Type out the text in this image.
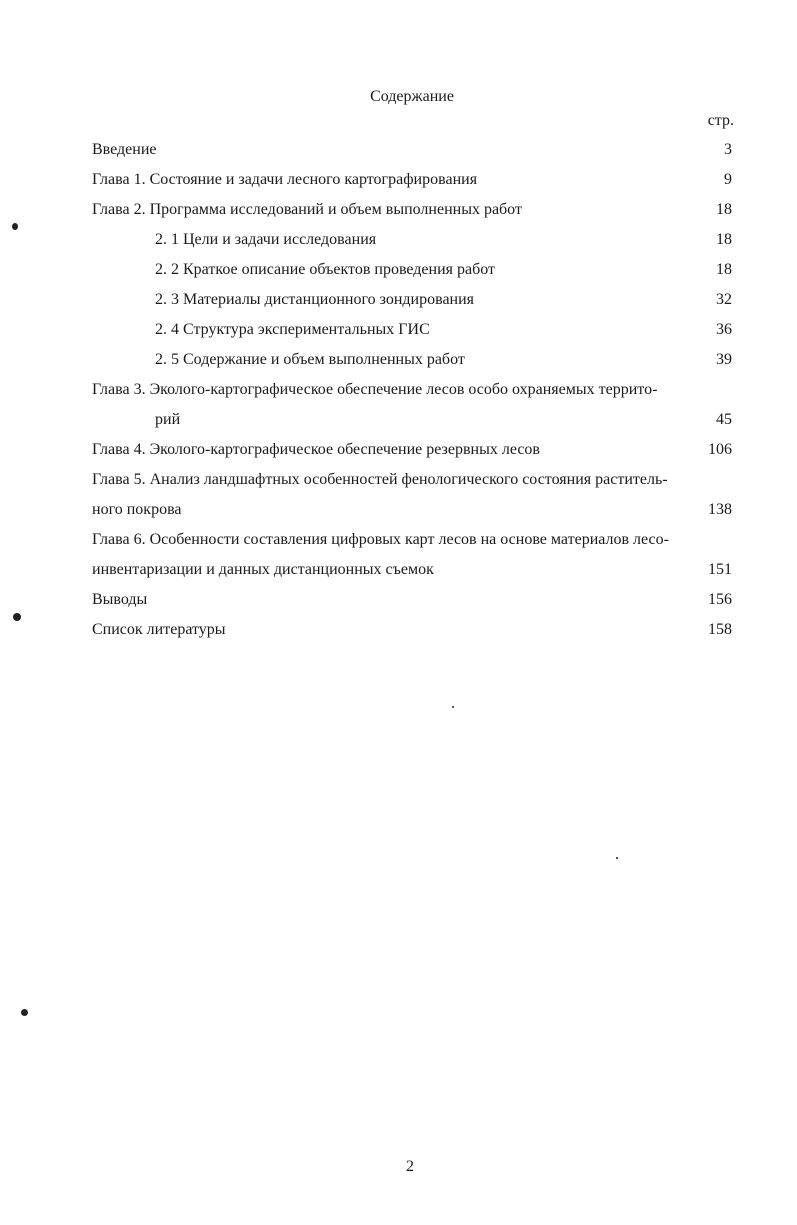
Содержание
стр.
Введение	3
Глава 1. Состояние и задачи лесного картографирования	9
Глава 2. Программа исследований и объем выполненных работ	18
2. 1 Цели и задачи исследования	18
2. 2 Краткое описание объектов проведения работ	18
2. 3 Материалы дистанционного зондирования	32
2. 4 Структура экспериментальных ГИС	36
2. 5 Содержание и объем выполненных работ	39
Глава 3. Эколого-картографическое обеспечение лесов особо охраняемых террито-
рий	45
Глава 4. Эколого-картографическое обеспечение резервных лесов	106
Глава 5. Анализ ландшафтных особенностей фенологического состояния раститель-
ного покрова	138
Глава 6. Особенности составления цифровых карт лесов на основе материалов лесо-
инвентаризации и данных дистанционных съемок	151
Выводы	156
Список литературы	158
2
